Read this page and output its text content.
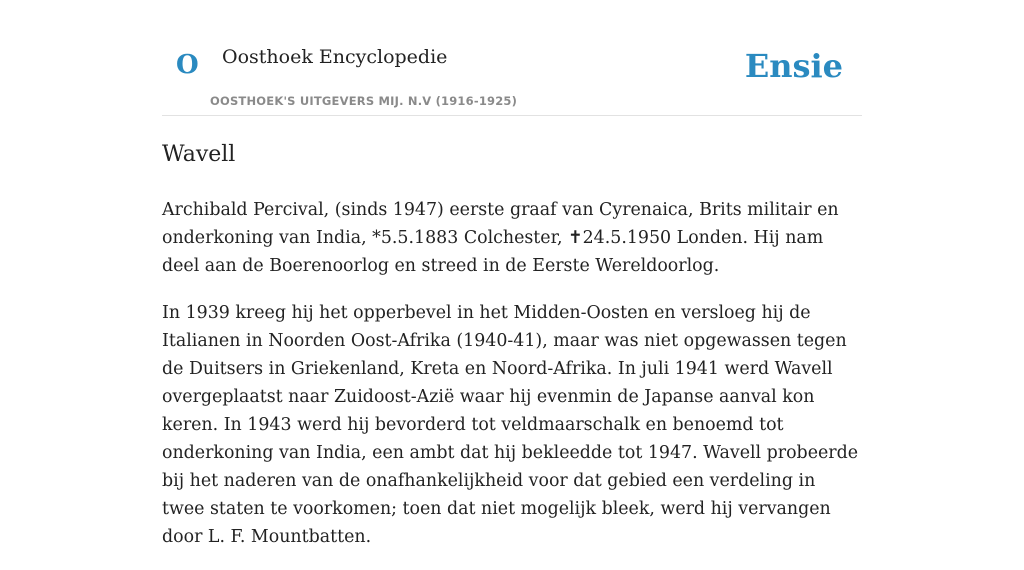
O Oosthoek Encyclopedie
OOSTHOEK'S UITGEVERS MIJ. N.V (1916-1925)
Ensie
Wavell

Archibald Percival, (sinds 1947) eerste graaf van Cyrenaica, Brits militair en onderkoning van India, *5.5.1883 Colchester, ✝24.5.1950 Londen. Hij nam deel aan de Boerenoorlog en streed in de Eerste Wereldoorlog.

In 1939 kreeg hij het opperbevel in het Midden-Oosten en versloeg hij de Italianen in Noorden Oost-Afrika (1940-41), maar was niet opgewassen tegen de Duitsers in Griekenland, Kreta en Noord-Afrika. In juli 1941 werd Wavell overgeplaatst naar Zuidoost-Azië waar hij evenmin de Japanse aanval kon keren. In 1943 werd hij bevorderd tot veldmaarschalk en benoemd tot onderkoning van India, een ambt dat hij bekleedde tot 1947. Wavell probeerde bij het naderen van de onafhankelijkheid voor dat gebied een verdeling in twee staten te voorkomen; toen dat niet mogelijk bleek, werd hij vervangen door L. F. Mountbatten.
